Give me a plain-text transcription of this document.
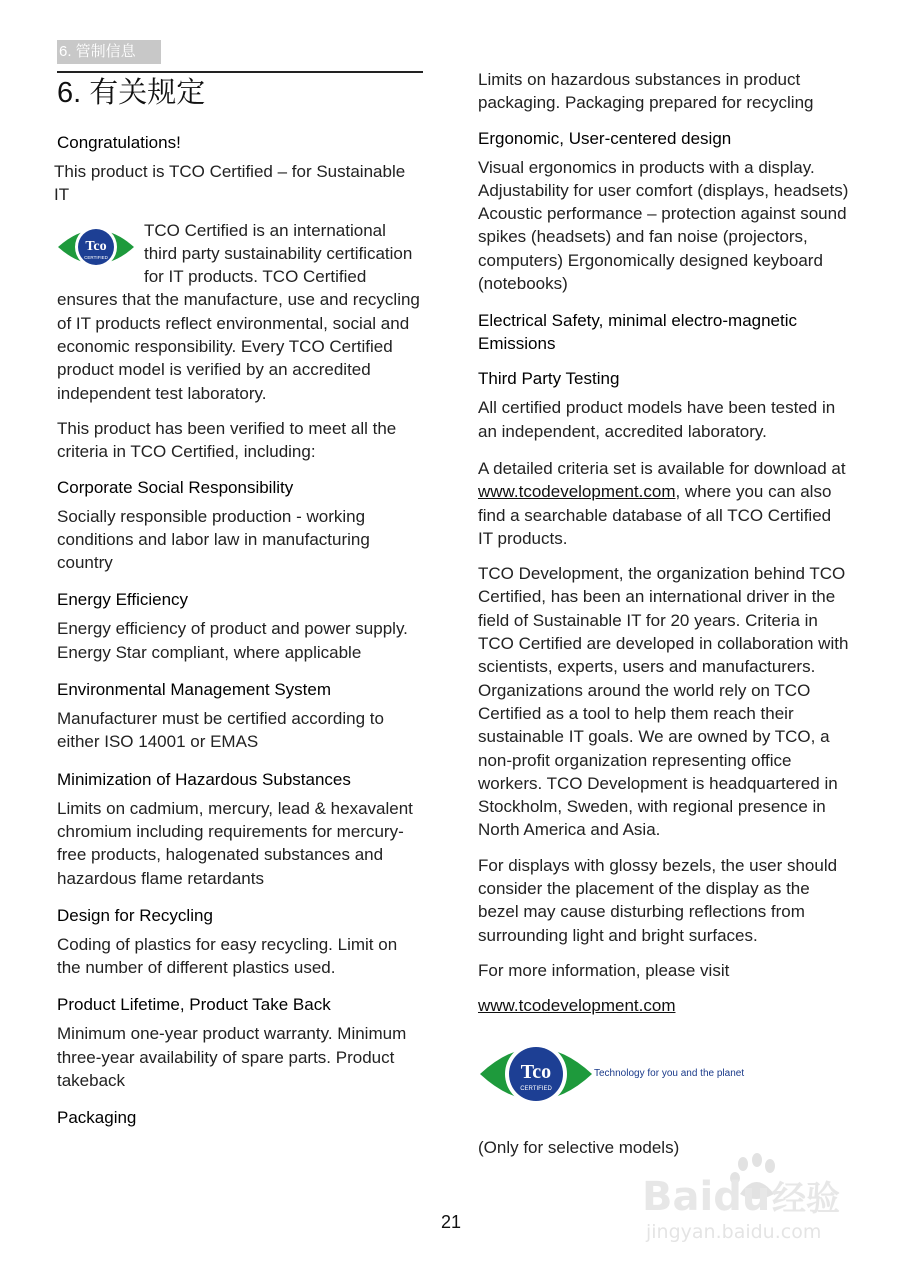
6. 管制信息
6. 有关规定
Congratulations!

This product is TCO Certified – for Sustainable IT

Tco
CERTIFIED

TCO Certified is an international third party sustainability certification for IT products. TCO Certified ensures that the manufacture, use and recycling of IT products reflect environmental, social and economic responsibility. Every TCO Certified product model is verified by an accredited independent test laboratory.

This product has been verified to meet all the criteria in TCO Certified, including:

Corporate Social Responsibility

Socially responsible production - working conditions and labor law in manufacturing country

Energy Efficiency

Energy efficiency of product and power supply. Energy Star compliant, where applicable

Environmental Management System

Manufacturer must be certified according to either ISO 14001 or EMAS

Minimization of Hazardous Substances

Limits on cadmium, mercury, lead & hexavalent chromium including requirements for mercury-free products, halogenated substances and hazardous flame retardants

Design for Recycling

Coding of plastics for easy recycling. Limit on the number of different plastics used.

Product Lifetime, Product Take Back

Minimum one-year product warranty. Minimum three-year availability of spare parts. Product takeback

Packaging

Limits on hazardous substances in product packaging. Packaging prepared for recycling

Ergonomic, User-centered design

Visual ergonomics in products with a display. Adjustability for user comfort (displays, headsets) Acoustic performance – protection against sound spikes (headsets) and fan noise (projectors, computers) Ergonomically designed keyboard (notebooks)

Electrical Safety, minimal electro-magnetic Emissions
Third Party Testing

All certified product models have been tested in an independent, accredited laboratory.

A detailed criteria set is available for download at www.tcodevelopment.com, where you can also find a searchable database of all TCO Certified IT products.

TCO Development, the organization behind TCO Certified, has been an international driver in the field of Sustainable IT for 20 years. Criteria in TCO Certified are developed in collaboration with scientists, experts, users and manufacturers. Organizations around the world rely on TCO Certified as a tool to help them reach their sustainable IT goals. We are owned by TCO, a non-profit organization representing office workers. TCO Development is headquartered in Stockholm, Sweden, with regional presence in North America and Asia.

For displays with glossy bezels, the user should consider the placement of the display as the bezel may cause disturbing reflections from surrounding light and bright surfaces.

For more information, please visit

www.tcodevelopment.com

Tco
CERTIFIED
Technology for you and the planet

(Only for selective models)

21
Baidu 经验
jingyan.baidu.com
